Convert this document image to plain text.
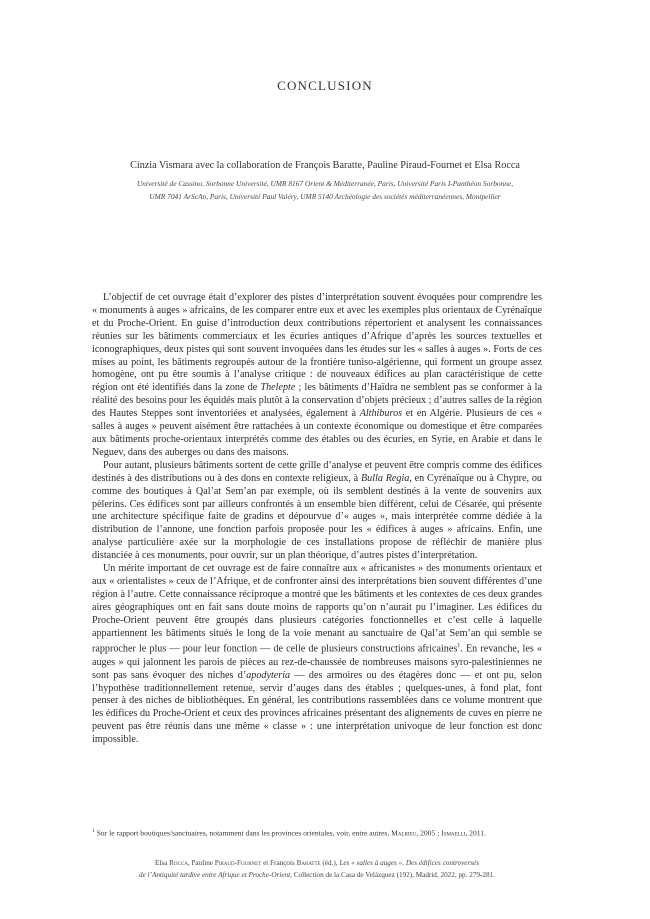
CONCLUSION
Cinzia Vismara avec la collaboration de François Baratte, Pauline Piraud-Fournet et Elsa Rocca
Université de Cassino, Sorbonne Université, UMR 8167 Orient & Méditerranée, Paris, Université Paris I-Panthéon Sorbonne,
UMR 7041 ArScAn, Paris, Université Paul Valéry, UMR 5140 Archéologie des sociétés méditerranéennes, Montpellier

L’objectif de cet ouvrage était d’explorer des pistes d’interprétation souvent évoquées pour comprendre les « monuments à auges » africains, de les comparer entre eux et avec les exemples plus orientaux de Cyrénaïque et du Proche-Orient. En guise d’introduction deux contributions répertorient et analysent les connaissances réunies sur les bâtiments commerciaux et les écuries antiques d’Afrique d’après les sources textuelles et iconographiques, deux pistes qui sont souvent invoquées dans les études sur les « salles à auges ». Forts de ces mises au point, les bâtiments regroupés autour de la frontière tuniso-algérienne, qui forment un groupe assez homogène, ont pu être soumis à l’analyse critique : de nouveaux édifices au plan caractéristique de cette région ont été identifiés dans la zone de Thelepte ; les bâtiments d’Haïdra ne semblent pas se conformer à la réalité des besoins pour les équidés mais plutôt à la conservation d’objets précieux ; d’autres salles de la région des Hautes Steppes sont inventoriées et analysées, également à Althiburos et en Algérie. Plusieurs de ces « salles à auges » peuvent aisément être rattachées à un contexte économique ou domestique et être comparées aux bâtiments proche-orientaux interprétés comme des étables ou des écuries, en Syrie, en Arabie et dans le Neguev, dans des auberges ou dans des maisons.

Pour autant, plusieurs bâtiments sortent de cette grille d’analyse et peuvent être compris comme des édifices destinés à des distributions ou à des dons en contexte religieux, à Bulla Regia, en Cyrénaïque ou à Chypre, ou comme des boutiques à Qal’at Sem’an par exemple, où ils semblent destinés à la vente de souvenirs aux pèlerins. Ces édifices sont par ailleurs confrontés à un ensemble bien différent, celui de Césarée, qui présente une architecture spécifique faite de gradins et dépourvue d’« auges », mais interprétée comme dédiée à la distribution de l’annone, une fonction parfois proposée pour les « édifices à auges » africains. Enfin, une analyse particulière axée sur la morphologie de ces installations propose de réfléchir de manière plus distanciée à ces monuments, pour ouvrir, sur un plan théorique, d’autres pistes d’interprétation.

Un mérite important de cet ouvrage est de faire connaître aux « africanistes » des monuments orientaux et aux « orientalistes » ceux de l’Afrique, et de confronter ainsi des interprétations bien souvent différentes d’une région à l’autre. Cette connaissance réciproque a montré que les bâtiments et les contextes de ces deux grandes aires géographiques ont en fait sans doute moins de rapports qu’on n’aurait pu l’imaginer. Les édifices du Proche-Orient peuvent être groupés dans plusieurs catégories fonctionnelles et c’est celle à laquelle appartiennent les bâtiments situés le long de la voie menant au sanctuaire de Qal’at Sem’an qui semble se rapprocher le plus — pour leur fonction — de celle de plusieurs constructions africaines$^1$. En revanche, les « auges » qui jalonnent les parois de pièces au rez-de-chaussée de nombreuses maisons syro-palestiniennes ne sont pas sans évoquer des niches d’apodyteria — des armoires ou des étagères donc — et ont pu, selon l’hypothèse traditionnellement retenue, servir d’auges dans des étables ; quelques-unes, à fond plat, font penser à des niches de bibliothèques. En général, les contributions rassemblées dans ce volume montrent que les édifices du Proche-Orient et ceux des provinces africaines présentant des alignements de cuves en pierre ne peuvent pas être réunis dans une même « classe » : une interprétation univoque de leur fonction est donc impossible.

$^1$ Sur le rapport boutiques/sanctuaires, notamment dans les provinces orientales, voir, entre autres, Malrieu, 2005 ; Ismaelli, 2011.
Elsa Rocca, Pauline Piraud-Fournet et François Baratte (éd.), Les « salles à auges ». Des édifices controversés
de l’Antiquité tardive entre Afrique et Proche-Orient, Collection de la Casa de Velázquez (192), Madrid, 2022, pp. 279-281.
